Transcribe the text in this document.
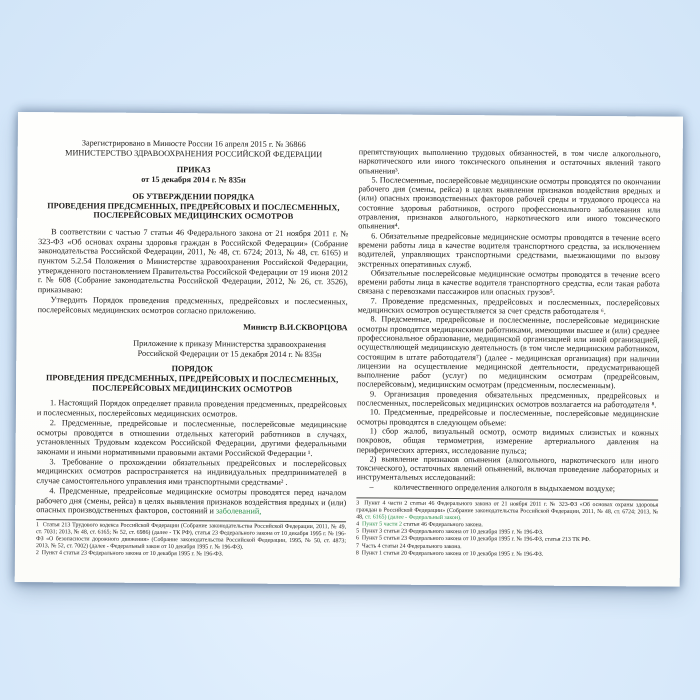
Зарегистрировано в Минюсте России 16 апреля 2015 г. № 36866
МИНИСТЕРСТВО ЗДРАВООХРАНЕНИЯ РОССИЙСКОЙ ФЕДЕРАЦИИ
ПРИКАЗ
от 15 декабря 2014 г. № 835н
ОБ УТВЕРЖДЕНИИ ПОРЯДКА
ПРОВЕДЕНИЯ ПРЕДСМЕННЫХ, ПРЕДРЕЙСОВЫХ И ПОСЛЕСМЕННЫХ,
ПОСЛЕРЕЙСОВЫХ МЕДИЦИНСКИХ ОСМОТРОВ

В соответствии с частью 7 статьи 46 Федерального закона от 21 ноября 2011 г. № 323-ФЗ «Об основах охраны здоровья граждан в Российской Федерации» (Собрание законодательства Российской Федерации, 2011, № 48, ст. 6724; 2013, № 48, ст. 6165) и пунктом 5.2.54 Положения о Министерстве здравоохранения Российской Федерации, утвержденного постановлением Правительства Российской Федерации от 19 июня 2012 г. № 608 (Собрание законодательства Российской Федерации, 2012, № 26, ст. 3526), приказываю:

Утвердить Порядок проведения предсменных, предрейсовых и послесменных, послерейсовых медицинских осмотров согласно приложению.

Министр В.И.СКВОРЦОВА
Приложение к приказу Министерства здравоохранения
Российской Федерации от 15 декабря 2014 г. № 835н
ПОРЯДОК
ПРОВЕДЕНИЯ ПРЕДСМЕННЫХ, ПРЕДРЕЙСОВЫХ И ПОСЛЕСМЕННЫХ,
ПОСЛЕРЕЙСОВЫХ МЕДИЦИНСКИХ ОСМОТРОВ

1. Настоящий Порядок определяет правила проведения предсменных, предрейсовых и послесменных, послерейсовых медицинских осмотров.

2. Предсменные, предрейсовые и послесменные, послерейсовые медицинские осмотры проводятся в отношении отдельных категорий работников в случаях, установленных Трудовым кодексом Российской Федерации, другими федеральными законами и иными нормативными правовыми актами Российской Федерации ¹.

3. Требование о прохождении обязательных предрейсовых и послерейсовых медицинских осмотров распространяется на индивидуальных предпринимателей в случае самостоятельного управления ими транспортными средствами² .

4. Предсменные, предрейсовые медицинские осмотры проводятся перед началом рабочего дня (смены, рейса) в целях выявления признаков воздействия вредных и (или) опасных производственных факторов, состояний и заболеваний,

1  Статья 213 Трудового кодекса Российской Федерации (Собрание законодательства Российской Федерации, 2011, № 49, ст. 7031; 2013, № 48, ст. 6165; № 52, ст. 6986) (далее - ТК РФ), статья 23 Федерального закона от 10 декабря 1995 г. № 196-ФЗ «О безопасности дорожного движения» (Собрание законодательства Российской Федерации, 1995, № 50, ст. 4873; 2013, № 52, ст. 7002) (далее - Федеральный закон от 10 декабря 1995 г. № 196-ФЗ).

2  Пункт 4 статьи 23 Федерального закона от 10 декабря 1995 г. № 196-ФЗ.

препятствующих выполнению трудовых обязанностей, в том числе алкогольного, наркотического или иного токсического опьянения и остаточных явлений такого опьянения³.

5. Послесменные, послерейсовые медицинские осмотры проводятся по окончании рабочего дня (смены, рейса) в целях выявления признаков воздействия вредных и (или) опасных производственных факторов рабочей среды и трудового процесса на состояние здоровья работников, острого профессионального заболевания или отравления, признаков алкогольного, наркотического или иного токсического опьянения⁴.

6. Обязательные предрейсовые медицинские осмотры проводятся в течение всего времени работы лица в качестве водителя транспортного средства, за исключением водителей, управляющих транспортными средствами, выезжающими по вызову экстренных оперативных служб.

Обязательные послерейсовые медицинские осмотры проводятся в течение всего времени работы лица в качестве водителя транспортного средства, если такая работа связана с перевозками пассажиров или опасных грузов⁵.

7. Проведение предсменных, предрейсовых и послесменных, послерейсовых медицинских осмотров осуществляется за счет средств работодателя ⁶.

8. Предсменные, предрейсовые и послесменные, послерейсовые медицинские осмотры проводятся медицинскими работниками, имеющими высшее и (или) среднее профессиональное образование, медицинской организацией или иной организацией, осуществляющей медицинскую деятельность (в том числе медицинским работником, состоящим в штате работодателя⁷) (далее - медицинская организация) при наличии лицензии на осуществление медицинской деятельности, предусматривающей выполнение работ (услуг) по медицинским осмотрам (предрейсовым, послерейсовым), медицинским осмотрам (предсменным, послесменным).

9. Организация проведения обязательных предсменных, предрейсовых и послесменных, послерейсовых медицинских осмотров возлагается на работодателя ⁸.

10. Предсменные, предрейсовые и послесменные, послерейсовые медицинские осмотры проводятся в следующем объеме:

1) сбор жалоб, визуальный осмотр, осмотр видимых слизистых и кожных покровов, общая термометрия, измерение артериального давления на периферических артериях, исследование пульса;

2) выявление признаков опьянения (алкогольного, наркотического или иного токсического), остаточных явлений опьянений, включая проведение лабораторных и инструментальных исследований:

–          количественного определения алкоголя в выдыхаемом воздухе;

3  Пункт 4 части 2 статьи 46 Федерального закона от 21 ноября 2011 г. № 323-ФЗ «Об основах охраны здоровья граждан в Российской Федерации» (Собрание законодательства Российской Федерации, 2011, № 48, ст. 6724; 2013, № 48, ст. 6165) (далее - Федеральный закон).

4  Пункт 5 части 2 статьи 46 Федерального закона.

5  Пункт 3 статьи 23 Федерального закона от 10 декабря 1995 г. № 196-ФЗ.

6  Пункт 5 статьи 23 Федерального закона от 10 декабря 1995 г. № 196-ФЗ, статья 213 ТК РФ.

7  Часть 4 статьи 24 Федерального закона.

8  Пункт 1 статьи 20 Федерального закона от 10 декабря 1995 г. № 196-ФЗ.
